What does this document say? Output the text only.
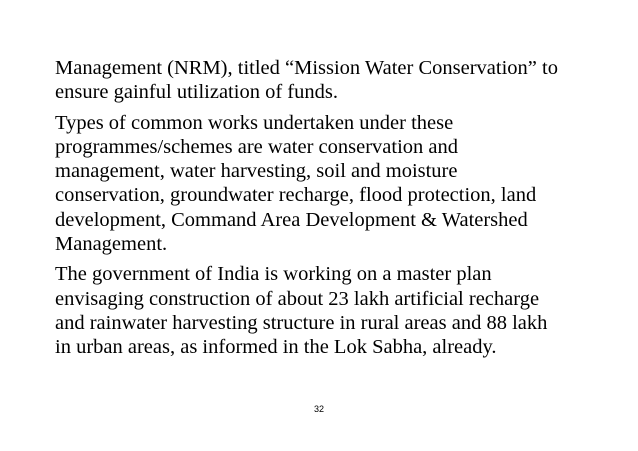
Management (NRM), titled “Mission Water Conservation” to
ensure gainful utilization of funds.

Types of common works undertaken under these
programmes/schemes are water conservation and
management, water harvesting, soil and moisture
conservation, groundwater recharge, flood protection, land
development, Command Area Development & Watershed
Management.

The government of India is working on a master plan
envisaging construction of about 23 lakh artificial recharge
and rainwater harvesting structure in rural areas and 88 lakh
in urban areas, as informed in the Lok Sabha, already.

32
